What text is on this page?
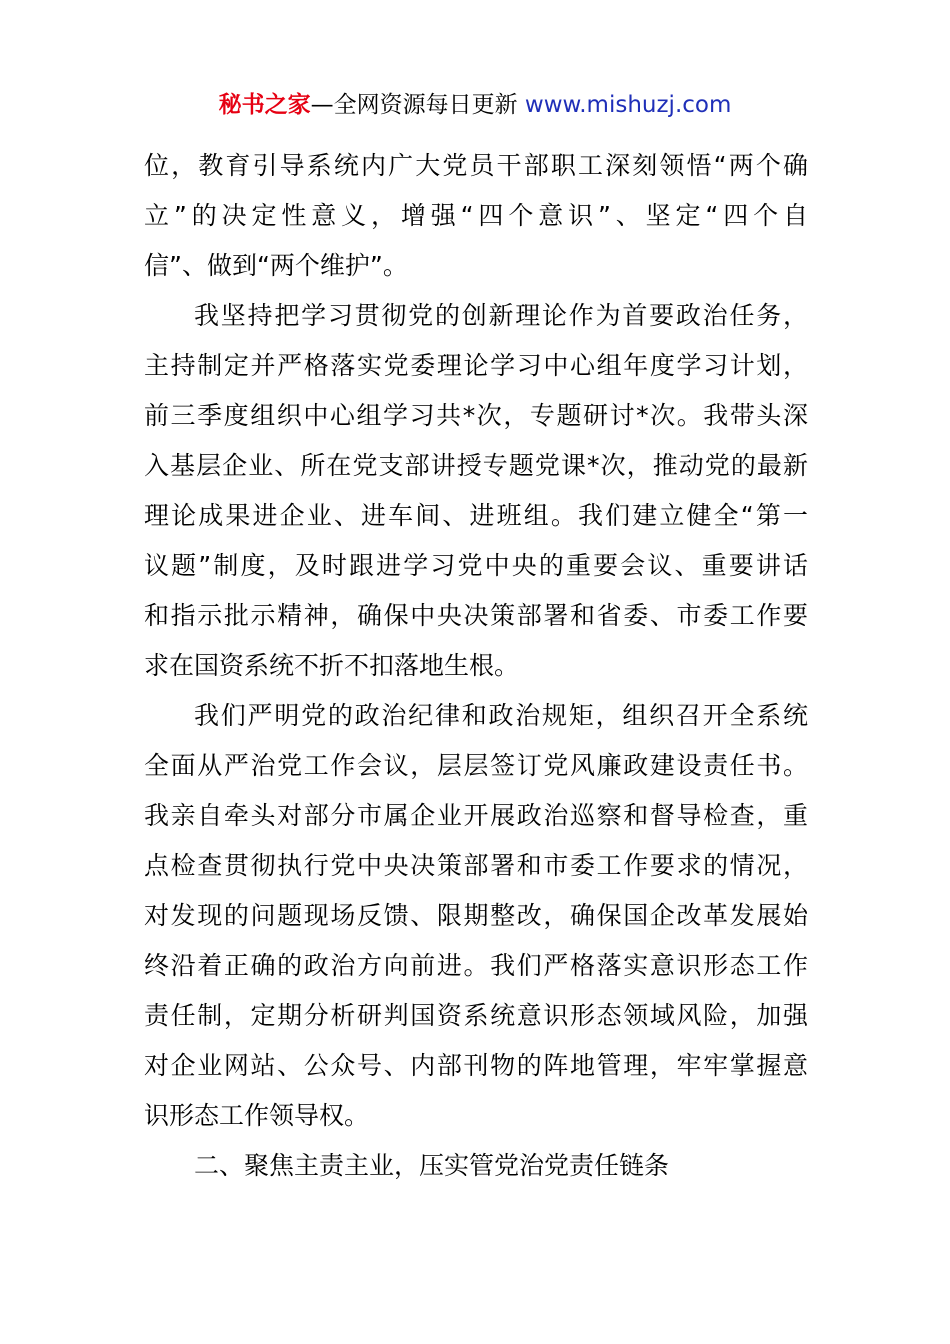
秘书之家—全网资源每日更新 www.mishuzj.com
位，教育引导系统内广大党员干部职工深刻领悟“两个确
立”的决定性意义，增强“四个意识”、坚定“四个自
信”、做到“两个维护”。
我坚持把学习贯彻党的创新理论作为首要政治任务，
主持制定并严格落实党委理论学习中心组年度学习计划，
前三季度组织中心组学习共*次，专题研讨*次。我带头深
入基层企业、所在党支部讲授专题党课*次，推动党的最新
理论成果进企业、进车间、进班组。我们建立健全“第一
议题”制度，及时跟进学习党中央的重要会议、重要讲话
和指示批示精神，确保中央决策部署和省委、市委工作要
求在国资系统不折不扣落地生根。
我们严明党的政治纪律和政治规矩，组织召开全系统
全面从严治党工作会议，层层签订党风廉政建设责任书。
我亲自牵头对部分市属企业开展政治巡察和督导检查，重
点检查贯彻执行党中央决策部署和市委工作要求的情况，
对发现的问题现场反馈、限期整改，确保国企改革发展始
终沿着正确的政治方向前进。我们严格落实意识形态工作
责任制，定期分析研判国资系统意识形态领域风险，加强
对企业网站、公众号、内部刊物的阵地管理，牢牢掌握意
识形态工作领导权。
二、聚焦主责主业，压实管党治党责任链条
